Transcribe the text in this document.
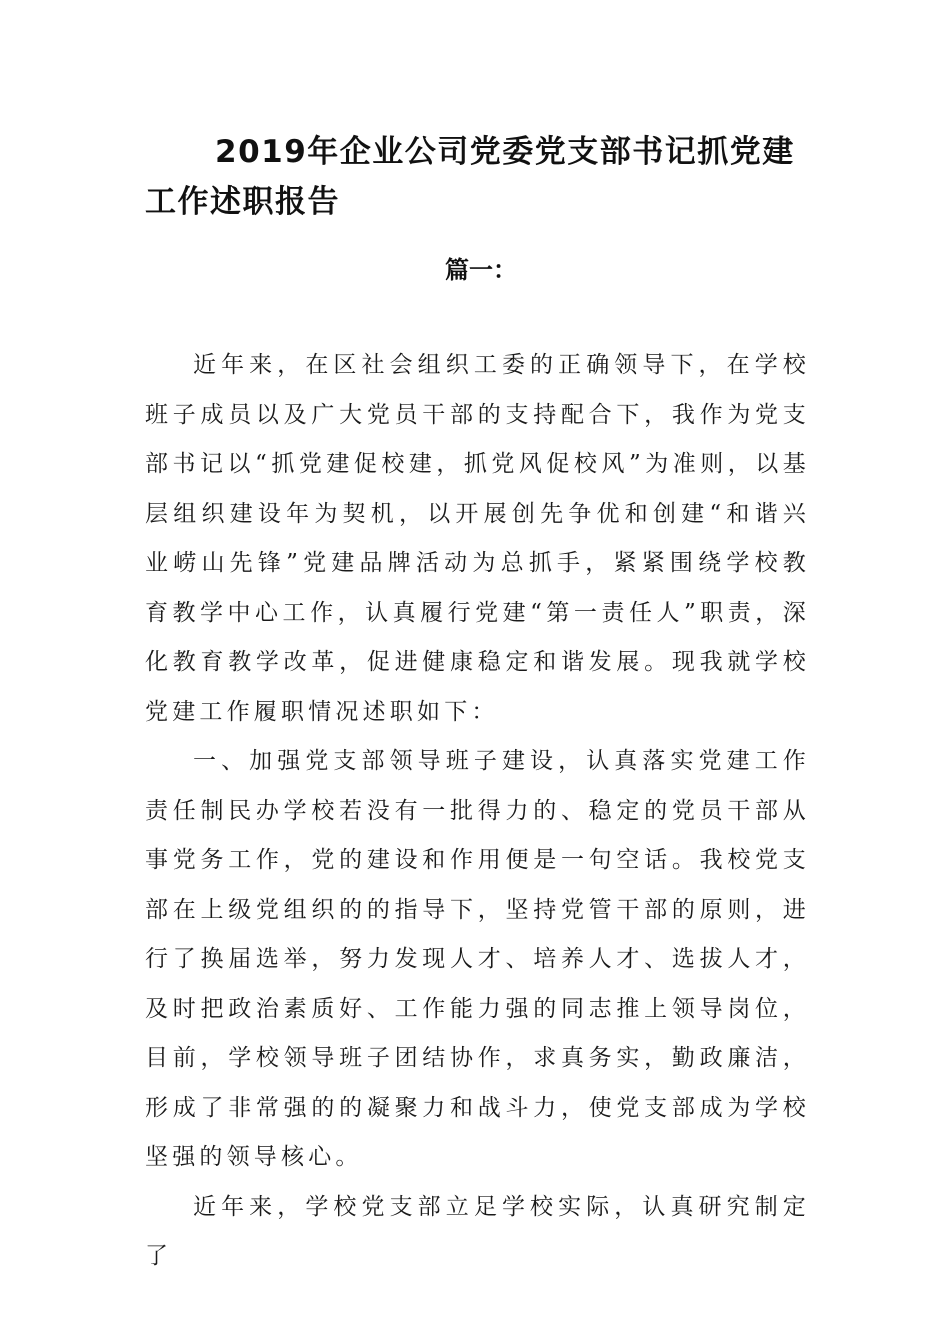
2019年企业公司党委党支部书记抓党建工作述职报告
篇一：

近年来，在区社会组织工委的正确领导下，在学校班子成员以及广大党员干部的支持配合下，我作为党支部书记以“抓党建促校建，抓党风促校风”为准则，以基层组织建设年为契机，以开展创先争优和创建“和谐兴业崂山先锋”党建品牌活动为总抓手，紧紧围绕学校教育教学中心工作，认真履行党建“第一责任人”职责，深化教育教学改革，促进健康稳定和谐发展。现我就学校党建工作履职情况述职如下：

一、加强党支部领导班子建设，认真落实党建工作责任制民办学校若没有一批得力的、稳定的党员干部从事党务工作，党的建设和作用便是一句空话。我校党支部在上级党组织的的指导下，坚持党管干部的原则，进行了换届选举，努力发现人才、培养人才、选拔人才，及时把政治素质好、工作能力强的同志推上领导岗位，目前，学校领导班子团结协作，求真务实，勤政廉洁，形成了非常强的的凝聚力和战斗力，使党支部成为学校坚强的领导核心。

近年来，学校党支部立足学校实际，认真研究制定了
